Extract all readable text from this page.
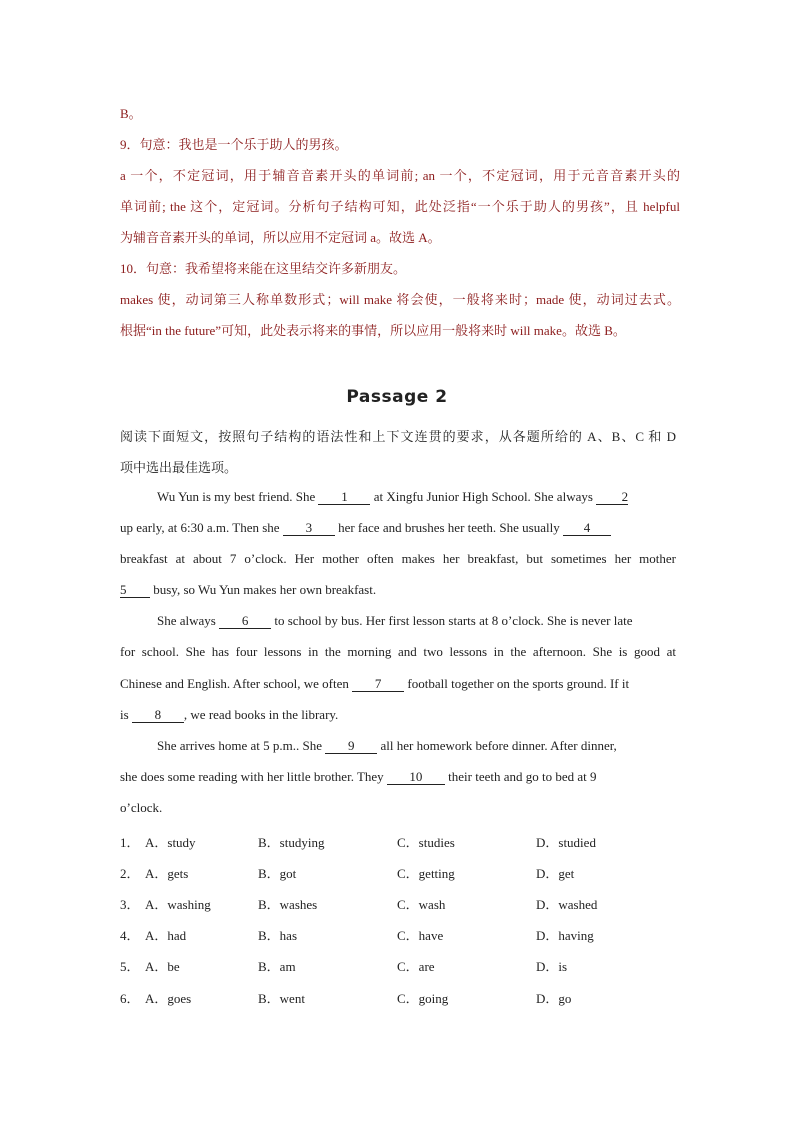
B。
9．句意：我也是一个乐于助人的男孩。
a 一个，不定冠词，用于辅音音素开头的单词前; an 一个，不定冠词，用于元音音素开头的
单词前; the 这个，定冠词。分析句子结构可知，此处泛指“一个乐于助人的男孩”，且 helpful
为辅音音素开头的单词，所以应用不定冠词 a。故选 A。
10．句意：我希望将来能在这里结交许多新朋友。
makes 使，动词第三人称单数形式；will make 将会使，一般将来时；made 使，动词过去式。
根据“in the future”可知，此处表示将来的事情，所以应用一般将来时 will make。故选 B。
Passage 2
阅读下面短文，按照句子结构的语法性和上下文连贯的要求，从各题所给的 A、B、C 和 D
项中选出最佳选项。
Wu Yun is my best friend. She 1 at Xingfu Junior High School. She always 2
up early, at 6:30 a.m. Then she 3 her face and brushes her teeth. She usually 4
breakfast at about 7 o’clock. Her mother often makes her breakfast, but sometimes her mother
5 busy, so Wu Yun makes her own breakfast.
She always 6 to school by bus. Her first lesson starts at 8 o’clock. She is never late
for school. She has four lessons in the morning and two lessons in the afternoon. She is good at
Chinese and English. After school, we often 7 football together on the sports ground. If it
is 8 , we read books in the library.
She arrives home at 5 p.m.. She 9 all her homework before dinner. After dinner,
she does some reading with her little brother. They 10 their teeth and go to bed at 9
o’clock.
1． A．study	B．studying	C．studies	D．studied
2． A．gets	B．got	C．getting	D．get
3． A．washing	B．washes	C．wash	D．washed
4． A．had	B．has	C．have	D．having
5． A．be	B．am	C．are	D．is
6． A．goes	B．went	C．going	D．go
